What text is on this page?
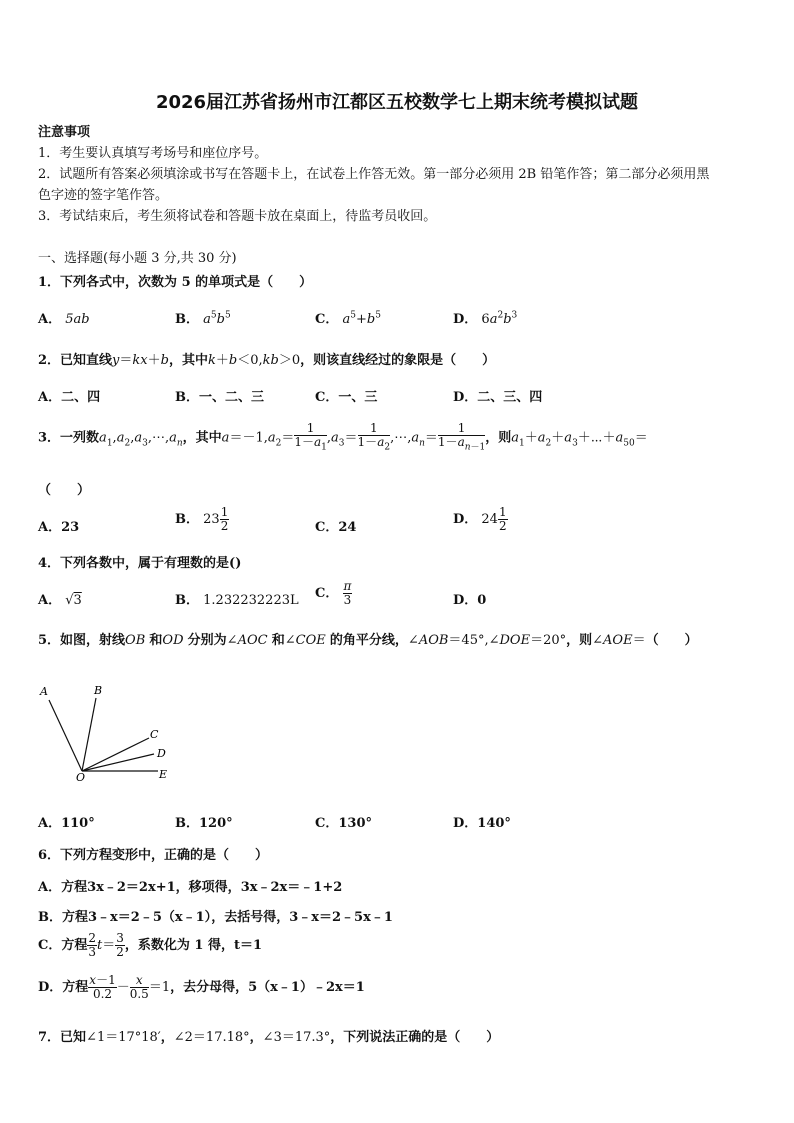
2026届江苏省扬州市江都区五校数学七上期末统考模拟试题
注意事项
1．考生要认真填写考场号和座位序号。
2．试题所有答案必须填涂或书写在答题卡上，在试卷上作答无效。第一部分必须用 2B 铅笔作答；第二部分必须用黑
色字迹的签字笔作答。
3．考试结束后，考生须将试卷和答题卡放在桌面上，待监考员收回。
一、选择题(每小题 3 分,共 30 分)
1．下列各式中，次数为 5 的单项式是（　　）
A． 5ab	B． $a^5b^5$	C． $a^5+b^5$	D． $6a^2b^3$
2．已知直线y＝kx＋b，其中k＋b＜0,kb＞0，则该直线经过的象限是（　　）
A．二、四	B．一、二、三	C．一、三	D．二、三、四
3．一列数$a_1,a_2,a_3,\cdots,a_n$，其中$a=-1,a_2= \frac{1}{1-a_1} ,a_3= \frac{1}{1-a_2}$ $,\cdots,a_n= \frac{1}{1-a_{n-1}}$ ，则$a_1+a_2+a_3+\cdots+a_{50}=$
（　　）
A．23
B． $23 \frac{1}{2}$	C．24
D． $24 \frac{1}{2}$
4．下列各数中，属于有理数的是()
A． √3	B． 1.232232223L C． $\frac{\pi}{3}$	D．0
5．如图，射线OB 和OD 分别为∠AOC 和∠COE 的角平分线，∠AOB＝45°,∠DOE＝20°，则∠AOE＝（　　）
A	B
C
D
E
O
A．110°	B．120°	C．130°	D．140°
6．下列方程变形中，正确的是（　　）
A．方程3x﹣2＝2x+1，移项得，3x﹣2x＝﹣1+2
B．方程3﹣x＝2﹣5（x﹣1），去括号得，3﹣x＝2﹣5x﹣1
C．方程 $\frac{2}{3} t= \frac{3}{2}$ ，系数化为 1 得，t＝1
D．方程 $\frac{x-1}{0.2} - \frac{x}{0.5} =1$，去分母得，5（x﹣1）﹣2x＝1
7．已知∠1＝17°18′，∠2＝17.18°，∠3＝17.3°，下列说法正确的是（　　）
